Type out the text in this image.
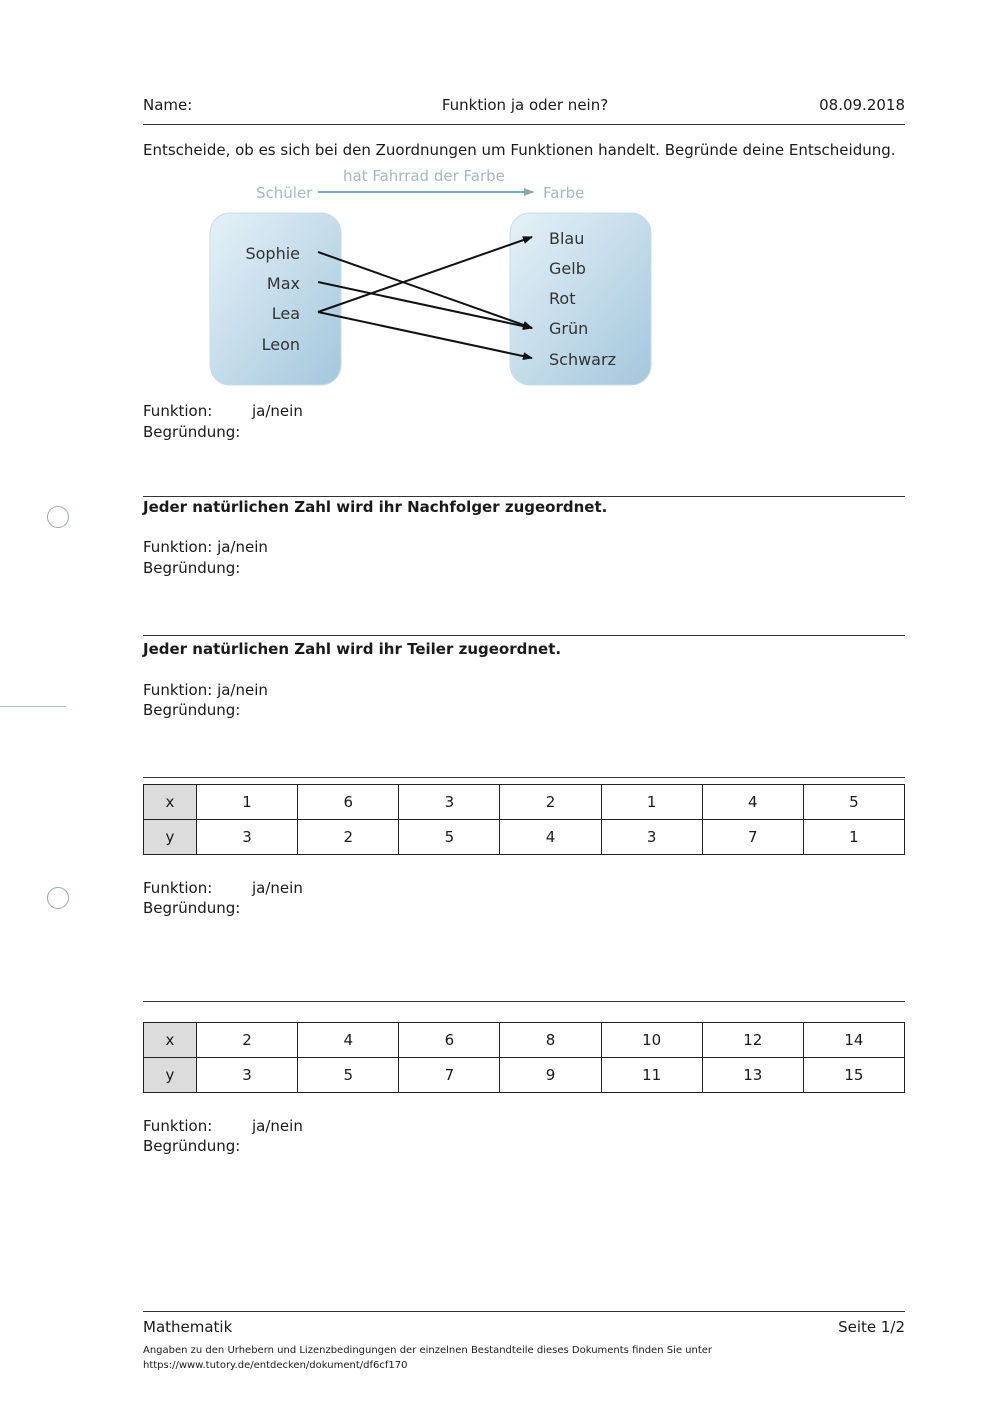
Name:	Funktion ja oder nein?	08.09.2018
Entscheide, ob es sich bei den Zuordnungen um Funktionen handelt. Begründe deine Entscheidung.
Schüler
hat Fahrrad der Farbe
Farbe
Sophie
Max
Lea
Leon
Blau
Gelb
Rot
Grün
Schwarz
Funktion:	ja/nein
Begründung:
Jeder natürlichen Zahl wird ihr Nachfolger zugeordnet.
Funktion: ja/nein
Begründung:
Jeder natürlichen Zahl wird ihr Teiler zugeordnet.
Funktion: ja/nein
Begründung:
x	1	6	3	2	1	4	5
y	3	2	5	4	3	7	1
Funktion:	ja/nein
Begründung:
x	2	4	6	8	10	12	14
y	3	5	7	9	11	13	15
Funktion:	ja/nein
Begründung:
Mathematik	Seite 1/2
Angaben zu den Urhebern und Lizenzbedingungen der einzelnen Bestandteile dieses Dokuments finden Sie unter
https://www.tutory.de/entdecken/dokument/df6cf170
